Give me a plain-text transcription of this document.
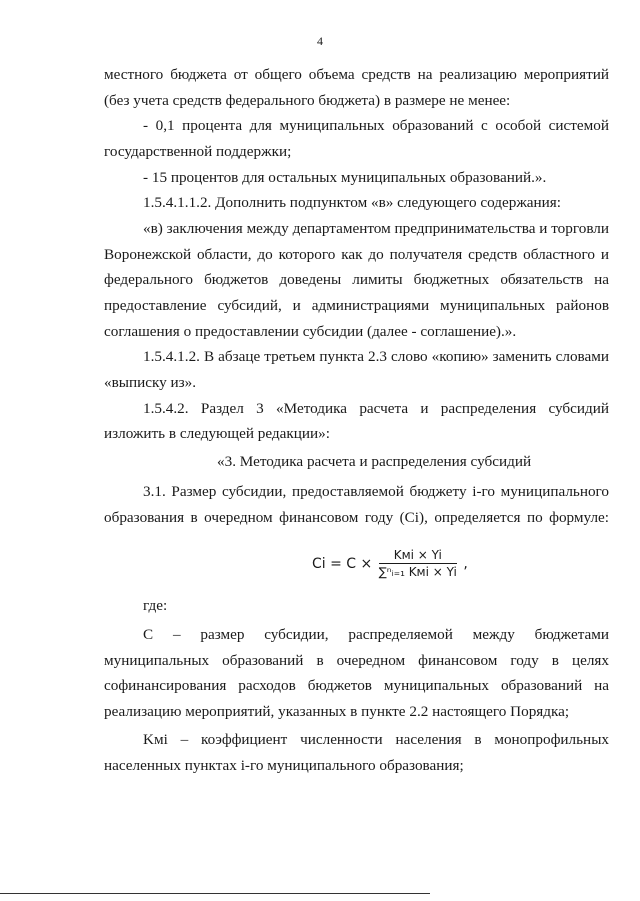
4
местного бюджета от общего объема средств на реализацию мероприятий
(без учета средств федерального бюджета) в размере не менее:
- 0,1 процента для муниципальных образований с особой системой
государственной поддержки;
- 15 процентов для остальных муниципальных образований.».
1.5.4.1.1.2. Дополнить подпунктом «в» следующего содержания:
«в) заключения между департаментом предпринимательства и торговли
Воронежской области, до которого как до получателя средств областного и
федерального бюджетов доведены лимиты бюджетных обязательств на
предоставление субсидий, и администрациями муниципальных районов
соглашения о предоставлении субсидии (далее - соглашение).».
1.5.4.1.2. В абзаце третьем пункта 2.3 слово «копию» заменить словами
«выписку из».
1.5.4.2. Раздел 3 «Методика расчета и распределения субсидий
изложить в следующей редакции»:
«3. Методика расчета и распределения субсидий
3.1. Размер субсидии, предоставляемой бюджету i-го муниципального
образования в очередном финансовом году (Ci), определяется по формуле:
где:
С – размер субсидии, распределяемой между бюджетами
муниципальных образований в очередном финансовом году в целях
софинансирования расходов бюджетов муниципальных образований на
реализацию мероприятий, указанных в пункте 2.2 настоящего Порядка;
Kмi – коэффициент численности населения в монопрофильных
населенных пунктах i-го муниципального образования;
$Ci = C \times \frac{\text{Kмi × Yi}}{\text{∑ⁿᵢ₌₁ Kмi × Yi}}$ ,
